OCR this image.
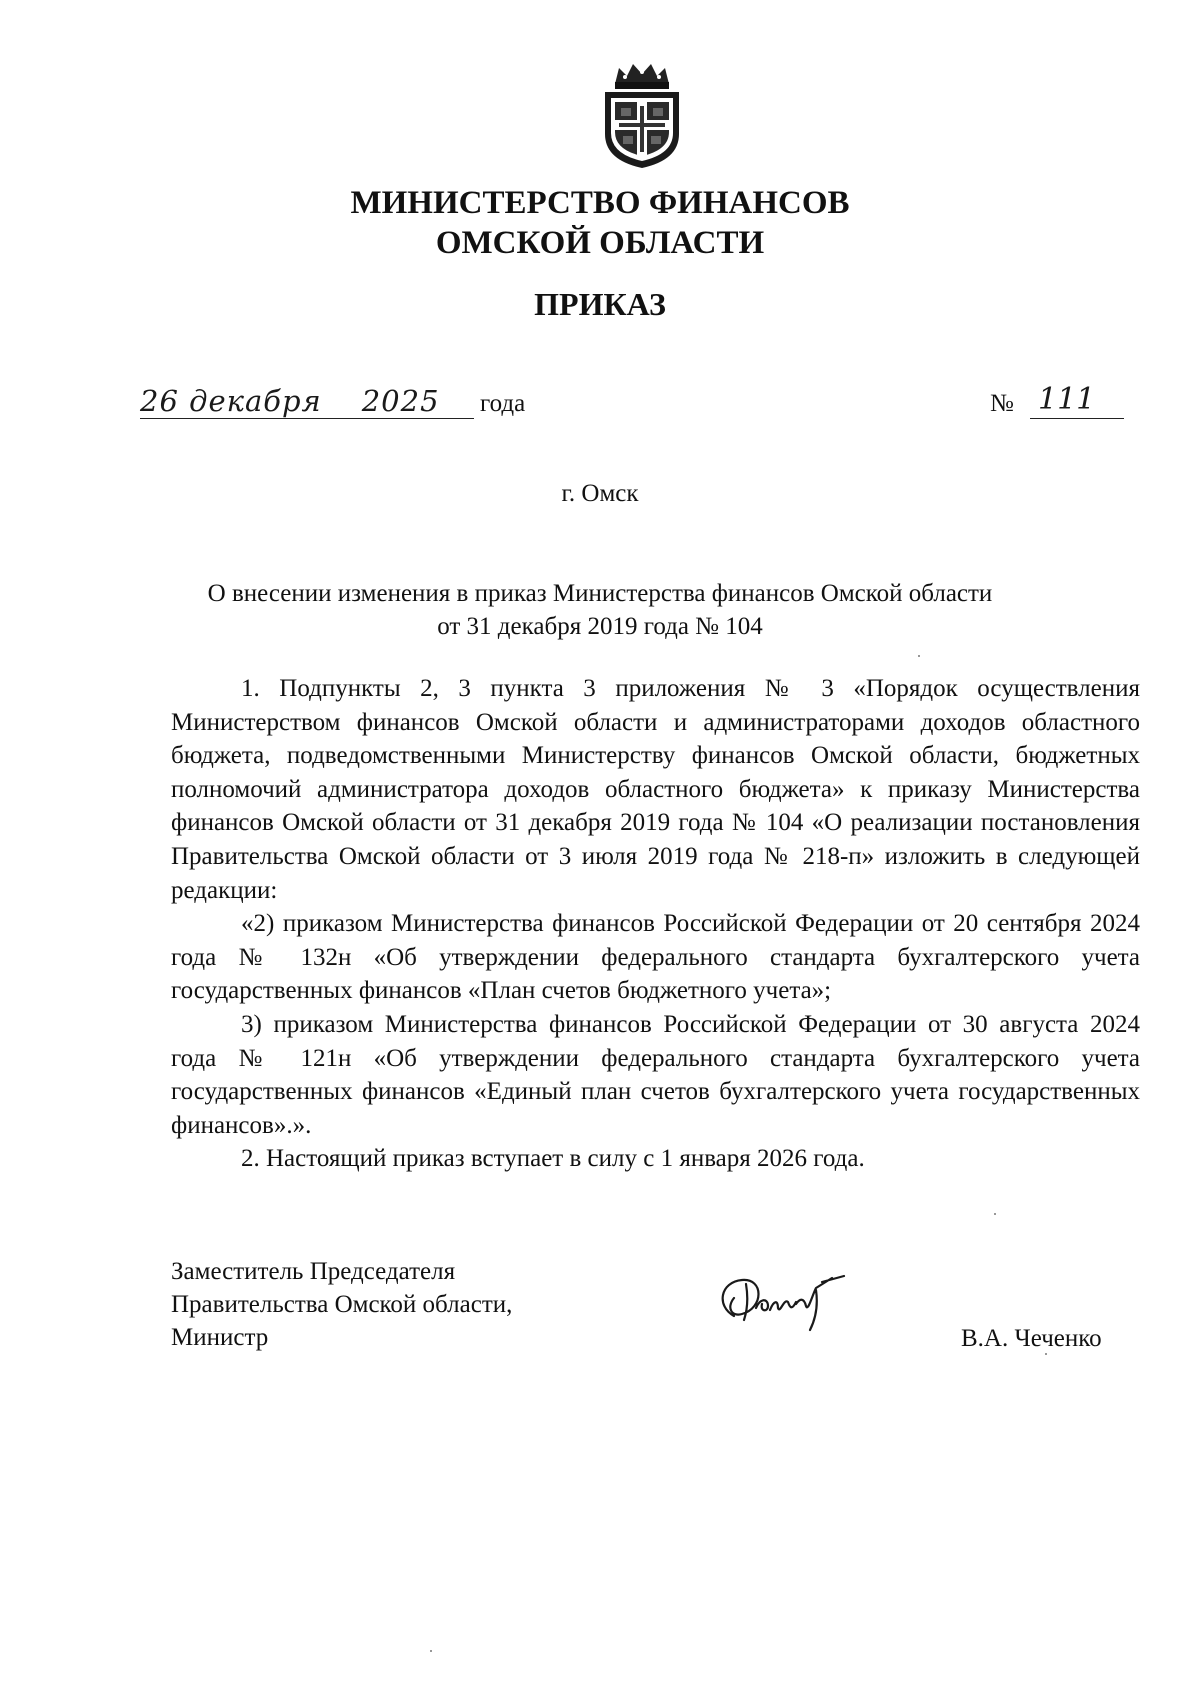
МИНИСТЕРСТВО ФИНАНСОВ
ОМСКОЙ ОБЛАСТИ
ПРИКАЗ
26 декабря 2025 года	№ 111
г. Омск
О внесении изменения в приказ Министерства финансов Омской области
от 31 декабря 2019 года № 104

1. Подпункты 2, 3 пункта 3 приложения № 3 «Порядок осуществления Министерством финансов Омской области и администраторами доходов областного бюджета, подведомственными Министерству финансов Омской области, бюджетных полномочий администратора доходов областного бюджета» к приказу Министерства финансов Омской области от 31 декабря 2019 года № 104 «О реализации постановления Правительства Омской области от 3 июля 2019 года № 218-п» изложить в следующей редакции:

«2) приказом Министерства финансов Российской Федерации от 20 сентября 2024 года № 132н «Об утверждении федерального стандарта бухгалтерского учета государственных финансов «План счетов бюджетного учета»;

3) приказом Министерства финансов Российской Федерации от 30 августа 2024 года № 121н «Об утверждении федерального стандарта бухгалтерского учета государственных финансов «Единый план счетов бухгалтерского учета государственных финансов».».

2. Настоящий приказ вступает в силу с 1 января 2026 года.

Заместитель Председателя
Правительства Омской области,
Министр	В.А. Чеченко
